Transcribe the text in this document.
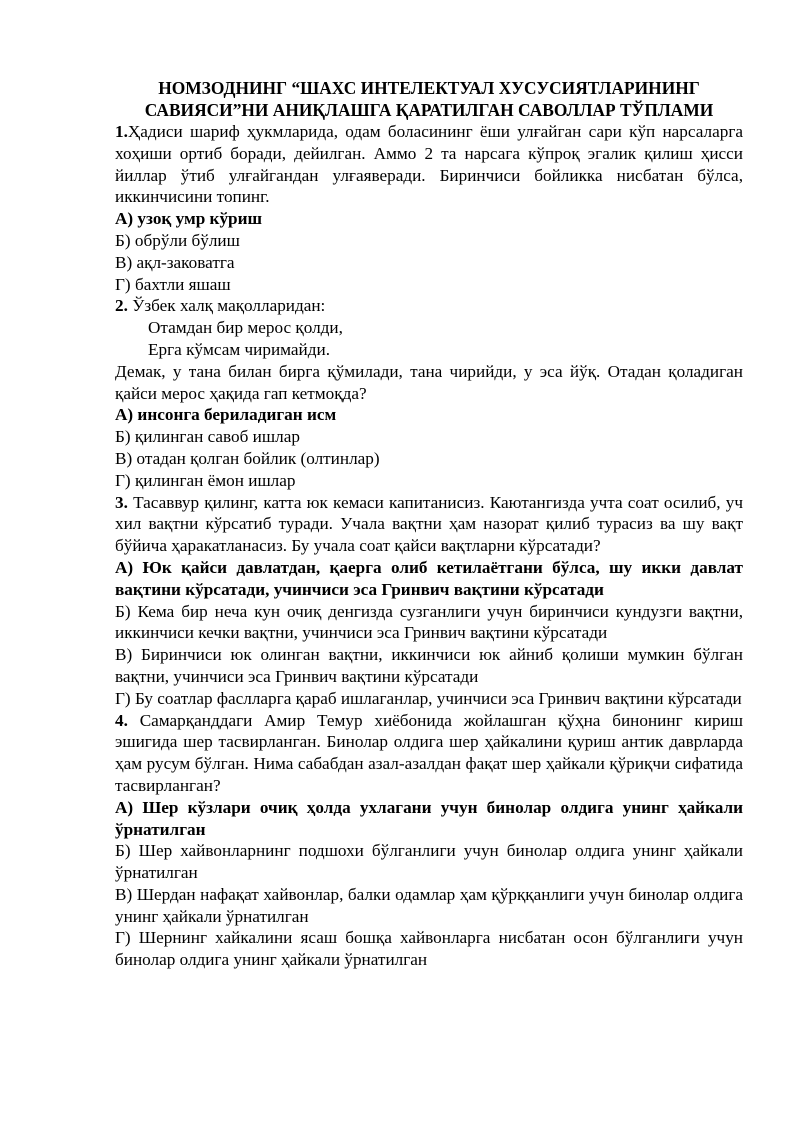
НОМЗОДНИНГ “ШАХС ИНТЕЛЕКТУАЛ ХУСУСИЯТЛАРИНИНГ
САВИЯСИ”НИ АНИҚЛАШГА ҚАРАТИЛГАН САВОЛЛАР ТЎПЛАМИ

1.Ҳадиси шариф ҳукмларида, одам боласининг ёши улғайган сари кўп нарсаларга хоҳиши ортиб боради, дейилган. Аммо 2 та нарсага кўпроқ эгалик қилиш ҳисси йиллар ўтиб улғайгандан улғаяверади. Биринчиси бойликка нисбатан бўлса, иккинчисини топинг.

А) узоқ умр кўриш

Б) обрўли бўлиш

В) ақл-заковатга

Г) бахтли яшаш

2. Ўзбек халқ мақолларидан:

Отамдан бир мерос қолди,
Ерга кўмсам чиримайди.

Демак, у тана билан бирга қўмилади, тана чирийди, у эса йўқ. Отадан қоладиган қайси мерос ҳақида гап кетмоқда?

А) инсонга бериладиган исм

Б) қилинган савоб ишлар

В) отадан қолган бойлик (олтинлар)

Г) қилинган ёмон ишлар

3. Тасаввур қилинг, катта юк кемаси капитанисиз. Каютангизда учта соат осилиб, уч хил вақтни кўрсатиб туради. Учала вақтни ҳам назорат қилиб турасиз ва шу вақт бўйича ҳаракатланасиз. Бу учала соат қайси вақтларни кўрсатади?

А) Юк қайси давлатдан, қаерга олиб кетилаётгани бўлса, шу икки давлат вақтини кўрсатади, учинчиси эса Гринвич вақтини кўрсатади

Б) Кема бир неча кун очиқ денгизда сузганлиги учун биринчиси кундузги вақтни, иккинчиси кечки вақтни, учинчиси эса Гринвич вақтини кўрсатади

В) Биринчиси юк олинган вақтни, иккинчиси юк айниб қолиши мумкин бўлган вақтни, учинчиси эса Гринвич вақтини кўрсатади

Г) Бу соатлар фаслларга қараб ишлаганлар, учинчиси эса Гринвич вақтини кўрсатади

4. Самарқанддаги Амир Темур хиёбонида жойлашган қўҳна бинонинг кириш эшигида шер тасвирланган. Бинолар олдига шер ҳайкалини қуриш антик даврларда ҳам русум бўлган. Нима сабабдан азал-азалдан фақат шер ҳайкали қўриқчи сифатида тасвирланган?

А) Шер кўзлари очиқ ҳолда ухлагани учун бинолар олдига унинг ҳайкали ўрнатилган

Б) Шер хайвонларнинг подшохи бўлганлиги учун бинолар олдига унинг ҳайкали ўрнатилган

В) Шердан нафақат хайвонлар, балки одамлар ҳам қўрққанлиги учун бинолар олдига унинг ҳайкали ўрнатилган

Г) Шернинг хайкалини ясаш бошқа хайвонларга нисбатан осон бўлганлиги учун бинолар олдига унинг ҳайкали ўрнатилган
